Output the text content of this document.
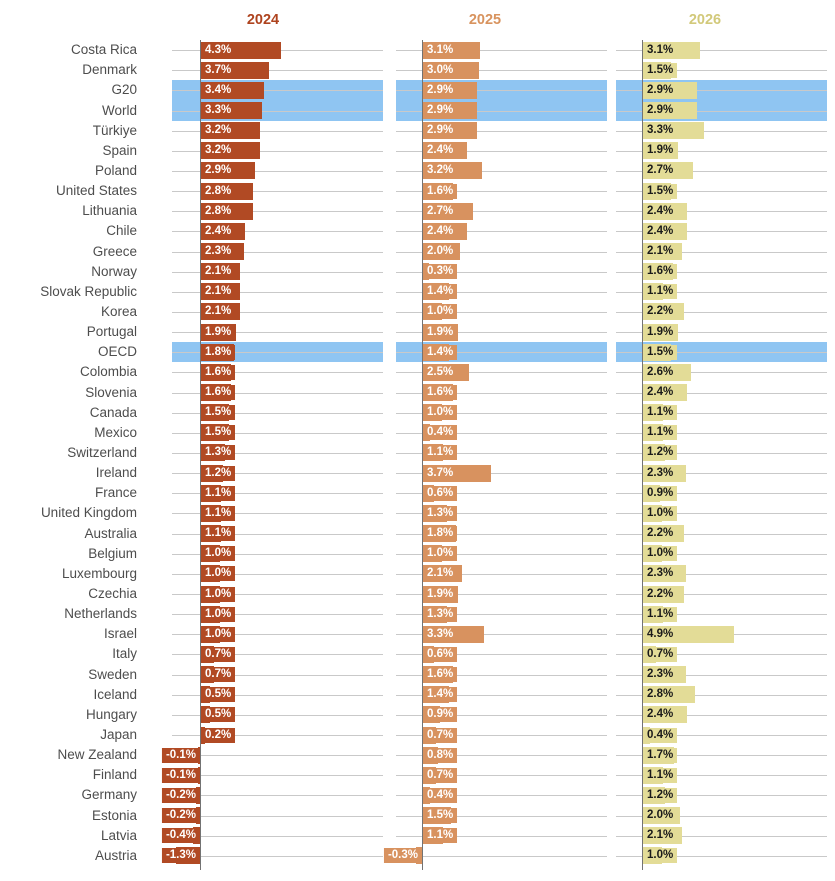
2024	2025	2026
Costa Rica
Denmark
G20
World
Türkiye
Spain
Poland
United States
Lithuania
Chile
Greece
Norway
Slovak Republic
Korea
Portugal
OECD
Colombia
Slovenia
Canada
Mexico
Switzerland
Ireland
France
United Kingdom
Australia
Belgium
Luxembourg
Czechia
Netherlands
Israel
Italy
Sweden
Iceland
Hungary
Japan
New Zealand
Finland
Germany
Estonia
Latvia
Austria
4.3%
3.7%
3.4%
3.3%
3.2%
3.2%
2.9%
2.8%
2.8%
2.4%
2.3%
2.1%
2.1%
2.1%
1.9%
1.8%
1.6%
1.6%
1.5%
1.5%
1.3%
1.2%
1.1%
1.1%
1.1%
1.0%
1.0%
1.0%
1.0%
1.0%
0.7%
0.7%
0.5%
0.5%
0.2%
-0.1%
-0.1%
-0.2%
-0.2%
-0.4%
-1.3%
3.1%
3.0%
2.9%
2.9%
2.9%
2.4%
3.2%
1.6%
2.7%
2.4%
2.0%
0.3%
1.4%
1.0%
1.9%
1.4%
2.5%
1.6%
1.0%
0.4%
1.1%
3.7%
0.6%
1.3%
1.8%
1.0%
2.1%
1.9%
1.3%
3.3%
0.6%
1.6%
1.4%
0.9%
0.7%
0.8%
0.7%
0.4%
1.5%
1.1%
-0.3%
3.1%
1.5%
2.9%
2.9%
3.3%
1.9%
2.7%
1.5%
2.4%
2.4%
2.1%
1.6%
1.1%
2.2%
1.9%
1.5%
2.6%
2.4%
1.1%
1.1%
1.2%
2.3%
0.9%
1.0%
2.2%
1.0%
2.3%
2.2%
1.1%
4.9%
0.7%
2.3%
2.8%
2.4%
0.4%
1.7%
1.1%
1.2%
2.0%
2.1%
1.0%
